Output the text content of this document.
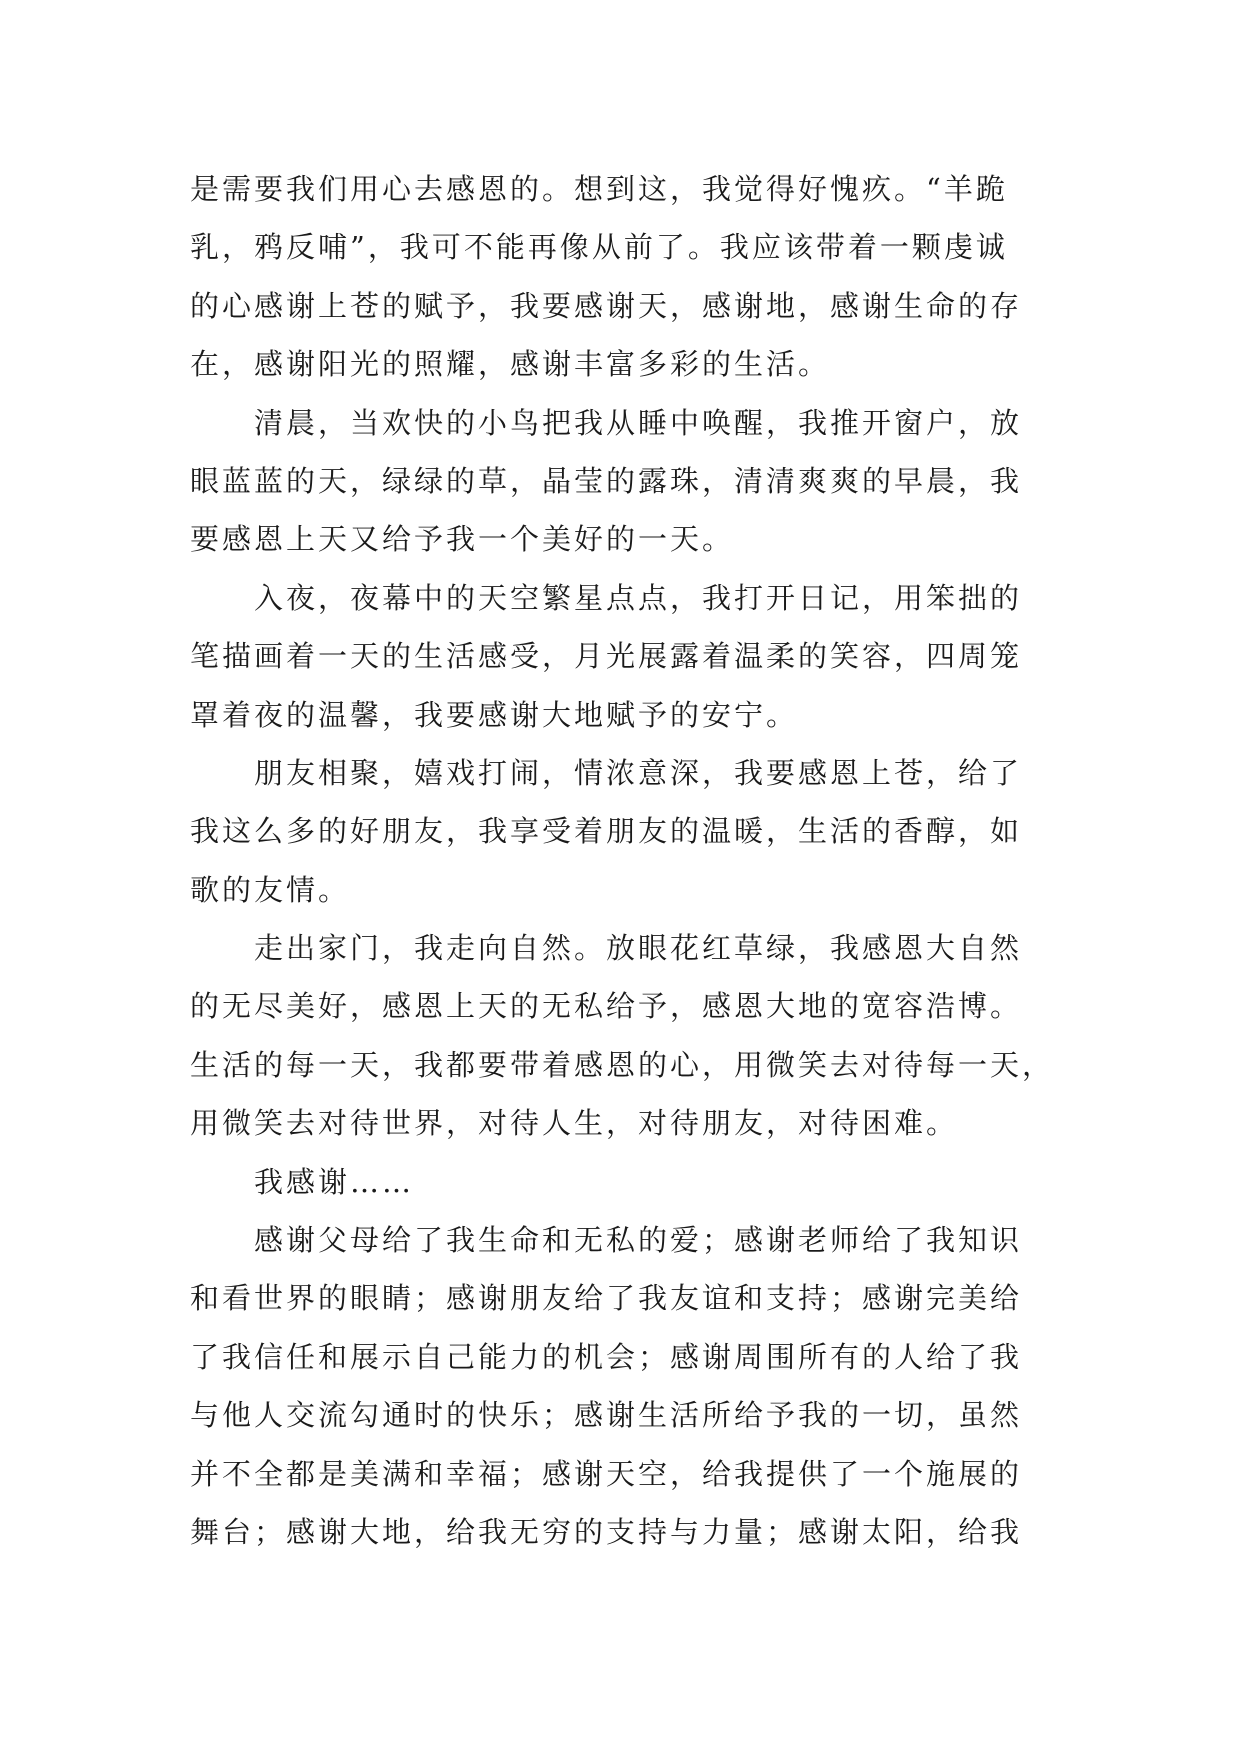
是需要我们用心去感恩的。想到这，我觉得好愧疚。“羊跪
乳，鸦反哺”，我可不能再像从前了。我应该带着一颗虔诚
的心感谢上苍的赋予，我要感谢天，感谢地，感谢生命的存
在，感谢阳光的照耀，感谢丰富多彩的生活。

清晨，当欢快的小鸟把我从睡中唤醒，我推开窗户，放
眼蓝蓝的天，绿绿的草，晶莹的露珠，清清爽爽的早晨，我
要感恩上天又给予我一个美好的一天。

入夜，夜幕中的天空繁星点点，我打开日记，用笨拙的
笔描画着一天的生活感受，月光展露着温柔的笑容，四周笼
罩着夜的温馨，我要感谢大地赋予的安宁。

朋友相聚，嬉戏打闹，情浓意深，我要感恩上苍，给了
我这么多的好朋友，我享受着朋友的温暖，生活的香醇，如
歌的友情。

走出家门，我走向自然。放眼花红草绿，我感恩大自然
的无尽美好，感恩上天的无私给予，感恩大地的宽容浩博。
生活的每一天，我都要带着感恩的心，用微笑去对待每一天，
用微笑去对待世界，对待人生，对待朋友，对待困难。

我感谢……

感谢父母给了我生命和无私的爱；感谢老师给了我知识
和看世界的眼睛；感谢朋友给了我友谊和支持；感谢完美给
了我信任和展示自己能力的机会；感谢周围所有的人给了我
与他人交流勾通时的快乐；感谢生活所给予我的一切，虽然
并不全都是美满和幸福；感谢天空，给我提供了一个施展的
舞台；感谢大地，给我无穷的支持与力量；感谢太阳，给我
